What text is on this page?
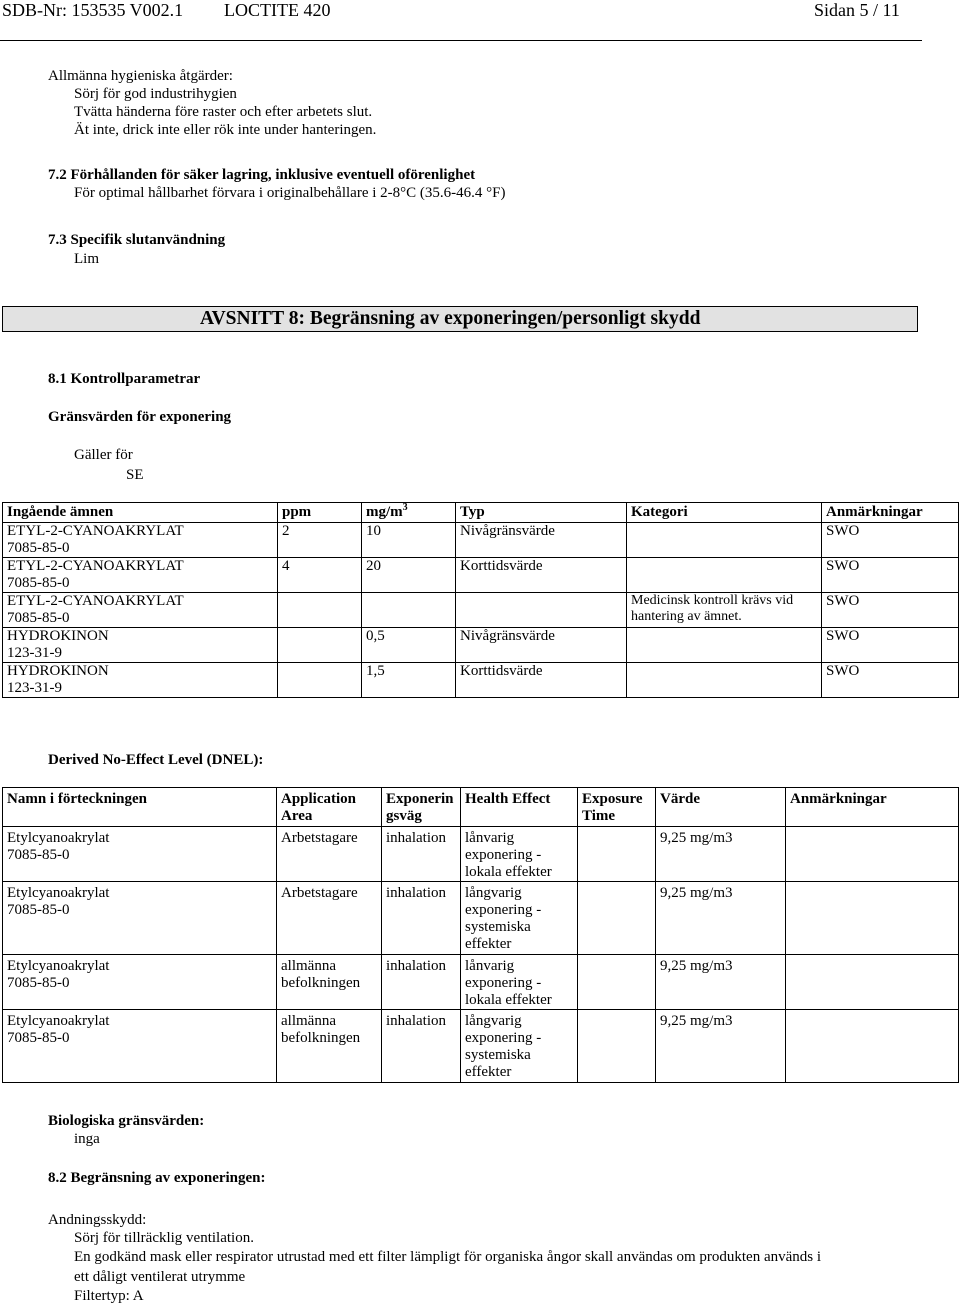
SDB-Nr: 153535 V002.1 LOCTITE 420	Sidan 5 / 11
Allmänna hygieniska åtgärder:
Sörj för god industrihygien
Tvätta händerna före raster och efter arbetets slut.
Ät inte, drick inte eller rök inte under hanteringen.
7.2 Förhållanden för säker lagring, inklusive eventuell oförenlighet
För optimal hållbarhet förvara i originalbehållare i 2-8°C (35.6-46.4 °F)
7.3 Specifik slutanvändning
Lim
AVSNITT 8: Begränsning av exponeringen/personligt skydd
8.1 Kontrollparametrar
Gränsvärden för exponering
Gäller för
SE
Ingående ämnen	ppm	$mg/m^3$	Typ	Kategori	Anmärkningar

ETYL-2-CYANOAKRYLAT
7085-85-0	2	10	Nivågränsvärde		SWO

ETYL-2-CYANOAKRYLAT
7085-85-0	4	20	Korttidsvärde		SWO

ETYL-2-CYANOAKRYLAT
7085-85-0				Medicinsk kontroll krävs vid hantering av ämnet.	SWO

HYDROKINON
123-31-9		0,5	Nivågränsvärde		SWO

HYDROKINON
123-31-9		1,5	Korttidsvärde		SWO
Derived No-Effect Level (DNEL):
Namn i förteckningen	Application Area	Exponeringsväg	Health Effect	Exposure Time	Värde	Anmärkningar

Etylcyanoakrylat
7085-85-0	Arbetstagare	inhalation	lånvarig exponering - lokala effekter		9,25 mg/m3	

Etylcyanoakrylat
7085-85-0	Arbetstagare	inhalation	långvarig exponering - systemiska effekter		9,25 mg/m3	

Etylcyanoakrylat
7085-85-0	allmänna befolkningen	inhalation	lånvarig exponering - lokala effekter		9,25 mg/m3	

Etylcyanoakrylat
7085-85-0	allmänna befolkningen	inhalation	långvarig exponering - systemiska effekter		9,25 mg/m3	
Biologiska gränsvärden:
inga
8.2 Begränsning av exponeringen:
Andningsskydd:
Sörj för tillräcklig ventilation.
En godkänd mask eller respirator utrustad med ett filter lämpligt för organiska ångor skall användas om produkten används i
ett dåligt ventilerat utrymme
Filtertyp: A
